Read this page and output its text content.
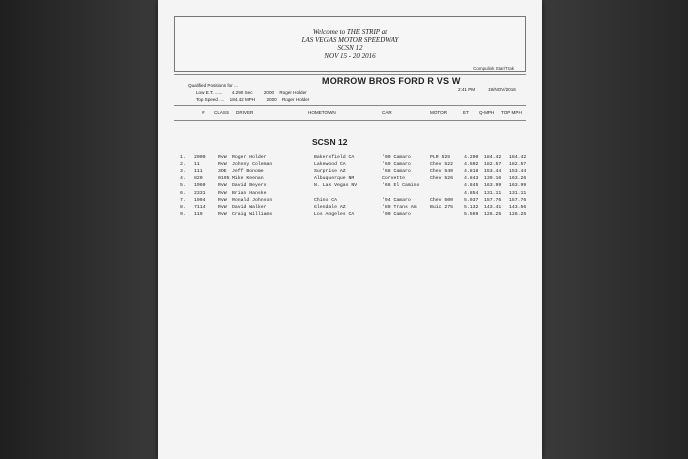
Welcome to THE STRIP at
LAS VEGAS MOTOR SPEEDWAY
SCSN 12
NOV 15 - 20 2016
Compulink Star/Trak
Qualified Positions for ...
Low E.T. ...... 4.290 Sec 2000 Roger Holder
Top Speed .... 184.42 MPH 2000 Roger Holder
MORROW BROS FORD R VS W
2:41 PM	19/NOV/2016
# CLASS DRIVER	HOMETOWN	CAR	MOTOR	ET Q-MPH TOP MPH
SCSN 12
1. 2000	RvW Roger Holder	Bakersfield CA	'00 Camaro	PLR 525	4.290 184.42 184.42
2. 11	RvW Johnny Coleman	Lakewood CA	'69 Camaro	Chev 522 4.502 182.57 182.57
3. 111	3OE Jeff Bonome	Surprise AZ	'68 Camaro	Chev 540 4.818 153.44 153.44
4. 820	0195 Mike Keenan	Albuquerque NM	Corvette	Chev 526 4.843 139.16 163.26
5. 1960	RvW David Beyers	N. Las Vegas NV	'66 El Camino	4.845 163.99 163.99
6. 2331	RvW Brian Hanske	4.854 131.11 131.11
7. 1994	RvW Ronald Johnson	Chino CA	'94 Camaro	Chev 500 5.037 157.76 157.76
8. 7114	RvW David Walker	Glendale AZ	'89 Trans Am	Buic 275 5.132 143.41 143.56
9. 119	RvW Craig Williams	Los Angeles CA	'00 Camaro	5.569 126.25 126.25
